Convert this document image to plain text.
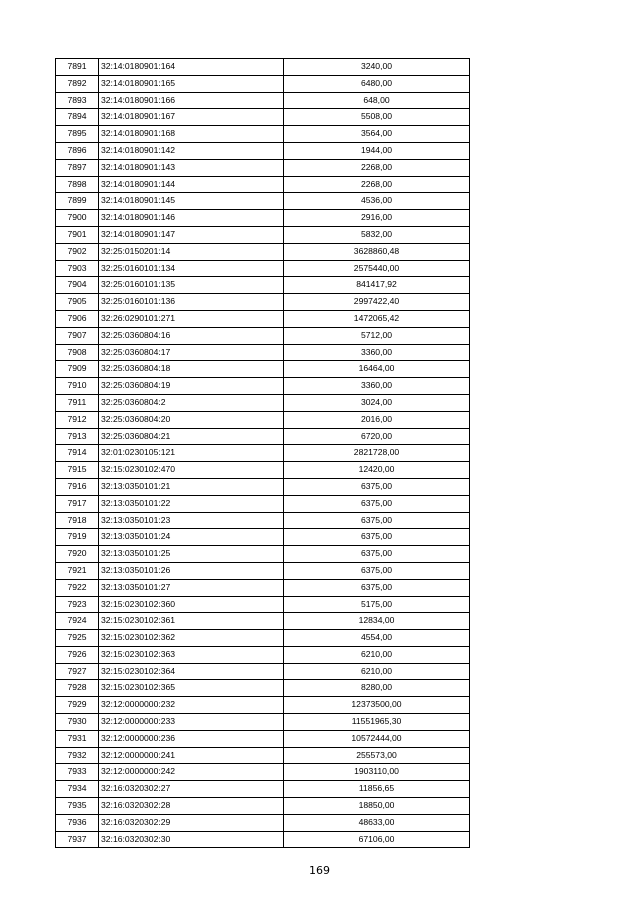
7891	32:14:0180901:164	3240,00
7892	32:14:0180901:165	6480,00
7893	32:14:0180901:166	648,00
7894	32:14:0180901:167	5508,00
7895	32:14:0180901:168	3564,00
7896	32:14:0180901:142	1944,00
7897	32:14:0180901:143	2268,00
7898	32:14:0180901:144	2268,00
7899	32:14:0180901:145	4536,00
7900	32:14:0180901:146	2916,00
7901	32:14:0180901:147	5832,00
7902	32:25:0150201:14	3628860,48
7903	32:25:0160101:134	2575440,00
7904	32:25:0160101:135	841417,92
7905	32:25:0160101:136	2997422,40
7906	32:26:0290101:271	1472065,42
7907	32:25:0360804:16	5712,00
7908	32:25:0360804:17	3360,00
7909	32:25:0360804:18	16464,00
7910	32:25:0360804:19	3360,00
7911	32:25:0360804:2	3024,00
7912	32:25:0360804:20	2016,00
7913	32:25:0360804:21	6720,00
7914	32:01:0230105:121	2821728,00
7915	32:15:0230102:470	12420,00
7916	32:13:0350101:21	6375,00
7917	32:13:0350101:22	6375,00
7918	32:13:0350101:23	6375,00
7919	32:13:0350101:24	6375,00
7920	32:13:0350101:25	6375,00
7921	32:13:0350101:26	6375,00
7922	32:13:0350101:27	6375,00
7923	32:15:0230102:360	5175,00
7924	32:15:0230102:361	12834,00
7925	32:15:0230102:362	4554,00
7926	32:15:0230102:363	6210,00
7927	32:15:0230102:364	6210,00
7928	32:15:0230102:365	8280,00
7929	32:12:0000000:232	12373500,00
7930	32:12:0000000:233	11551965,30
7931	32:12:0000000:236	10572444,00
7932	32:12:0000000:241	255573,00
7933	32:12:0000000:242	1903110,00
7934	32:16:0320302:27	11856,65
7935	32:16:0320302:28	18850,00
7936	32:16:0320302:29	48633,00
7937	32:16:0320302:30	67106,00
169
